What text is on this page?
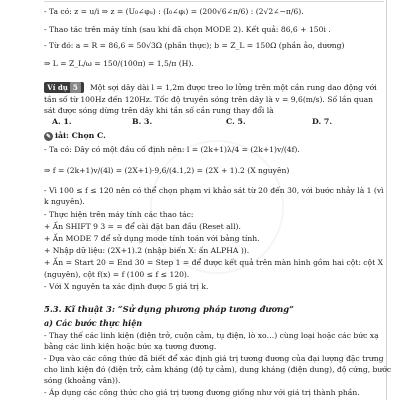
- Ta có: z = u/i ⇒ z = (U₀∠φᵤ) : (I₀∠φᵢ) = (200√6∠π/6) : (2√2∠−π/6).
- Thao tác trên máy tính (sau khi đã chọn MODE 2). Kết quả: 86,6 + 150i .
- Từ đó: a = R = 86,6 = 50√3Ω (phần thực); b = Z_L = 150Ω (phần ảo, dương)
⇒ L = Z_L/ω = 150/(100π) = 1,5/π (H).
Ví dụ 5	Một sợi dây dài l = 1,2m được treo lơ lửng trên một cần rung dao động với
tần số từ 100Hz đến 120Hz. Tốc độ truyền sóng trên dây là v = 9,6(m/s). Số lần quan
sát được sóng dừng trên dây khi tần số cần rung thay đổi là
A. 1.	B. 3.	C. 5.	D. 7.
✎ iải: Chọn C.
- Ta có: Dây có một đầu cố định nên: l = (2k+1)λ/4 = (2k+1)v/(4f).
⇒ f = (2k+1)v/(4l) = (2X+1)·9,6/(4.1,2) = (2X + 1).2 (X nguyên)
- Vì 100 ≤ f ≤ 120 nên có thể chọn phạm vi khảo sát từ 20 đến 30, với bước nhảy là 1 (vì
k nguyên).
- Thực hiện trên máy tính các thao tác:
+ Ấn SHIFT 9 3 = = để cài đặt ban đầu (Reset all).
+ Ấn MODE 7 để sử dụng mode tính toán với bảng tính.
+ Nhập dữ liệu: (2X+1).2 (nhập biến X: ấn ALPHA )).
+ Ấn = Start 20 = End 30 = Step 1 = để được kết quả trên màn hình gồm hai cột: cột X
(nguyên), cột f(x) = f (100 ≤ f ≤ 120).
- Với X nguyên ta xác định được 5 giá trị k.
5.3. Kĩ thuật 3: “Sử dụng phương pháp tương đương”
a) Các bước thực hiện
- Thay thế các linh kiện (điện trở, cuộn cảm, tụ điện, lò xo…) cùng loại hoặc các bức xạ
bằng các linh kiện hoặc bức xạ tương đương.
- Dựa vào các công thức đã biết để xác định giá trị tương đương của đại lượng đặc trưng
cho linh kiện đó (điện trở, cảm kháng (độ tự cảm), dung kháng (điện dung), độ cứng, bước
sóng (khoảng vân)).
- Áp dụng các công thức cho giá trị tương đương giống như với giá trị thành phần.
